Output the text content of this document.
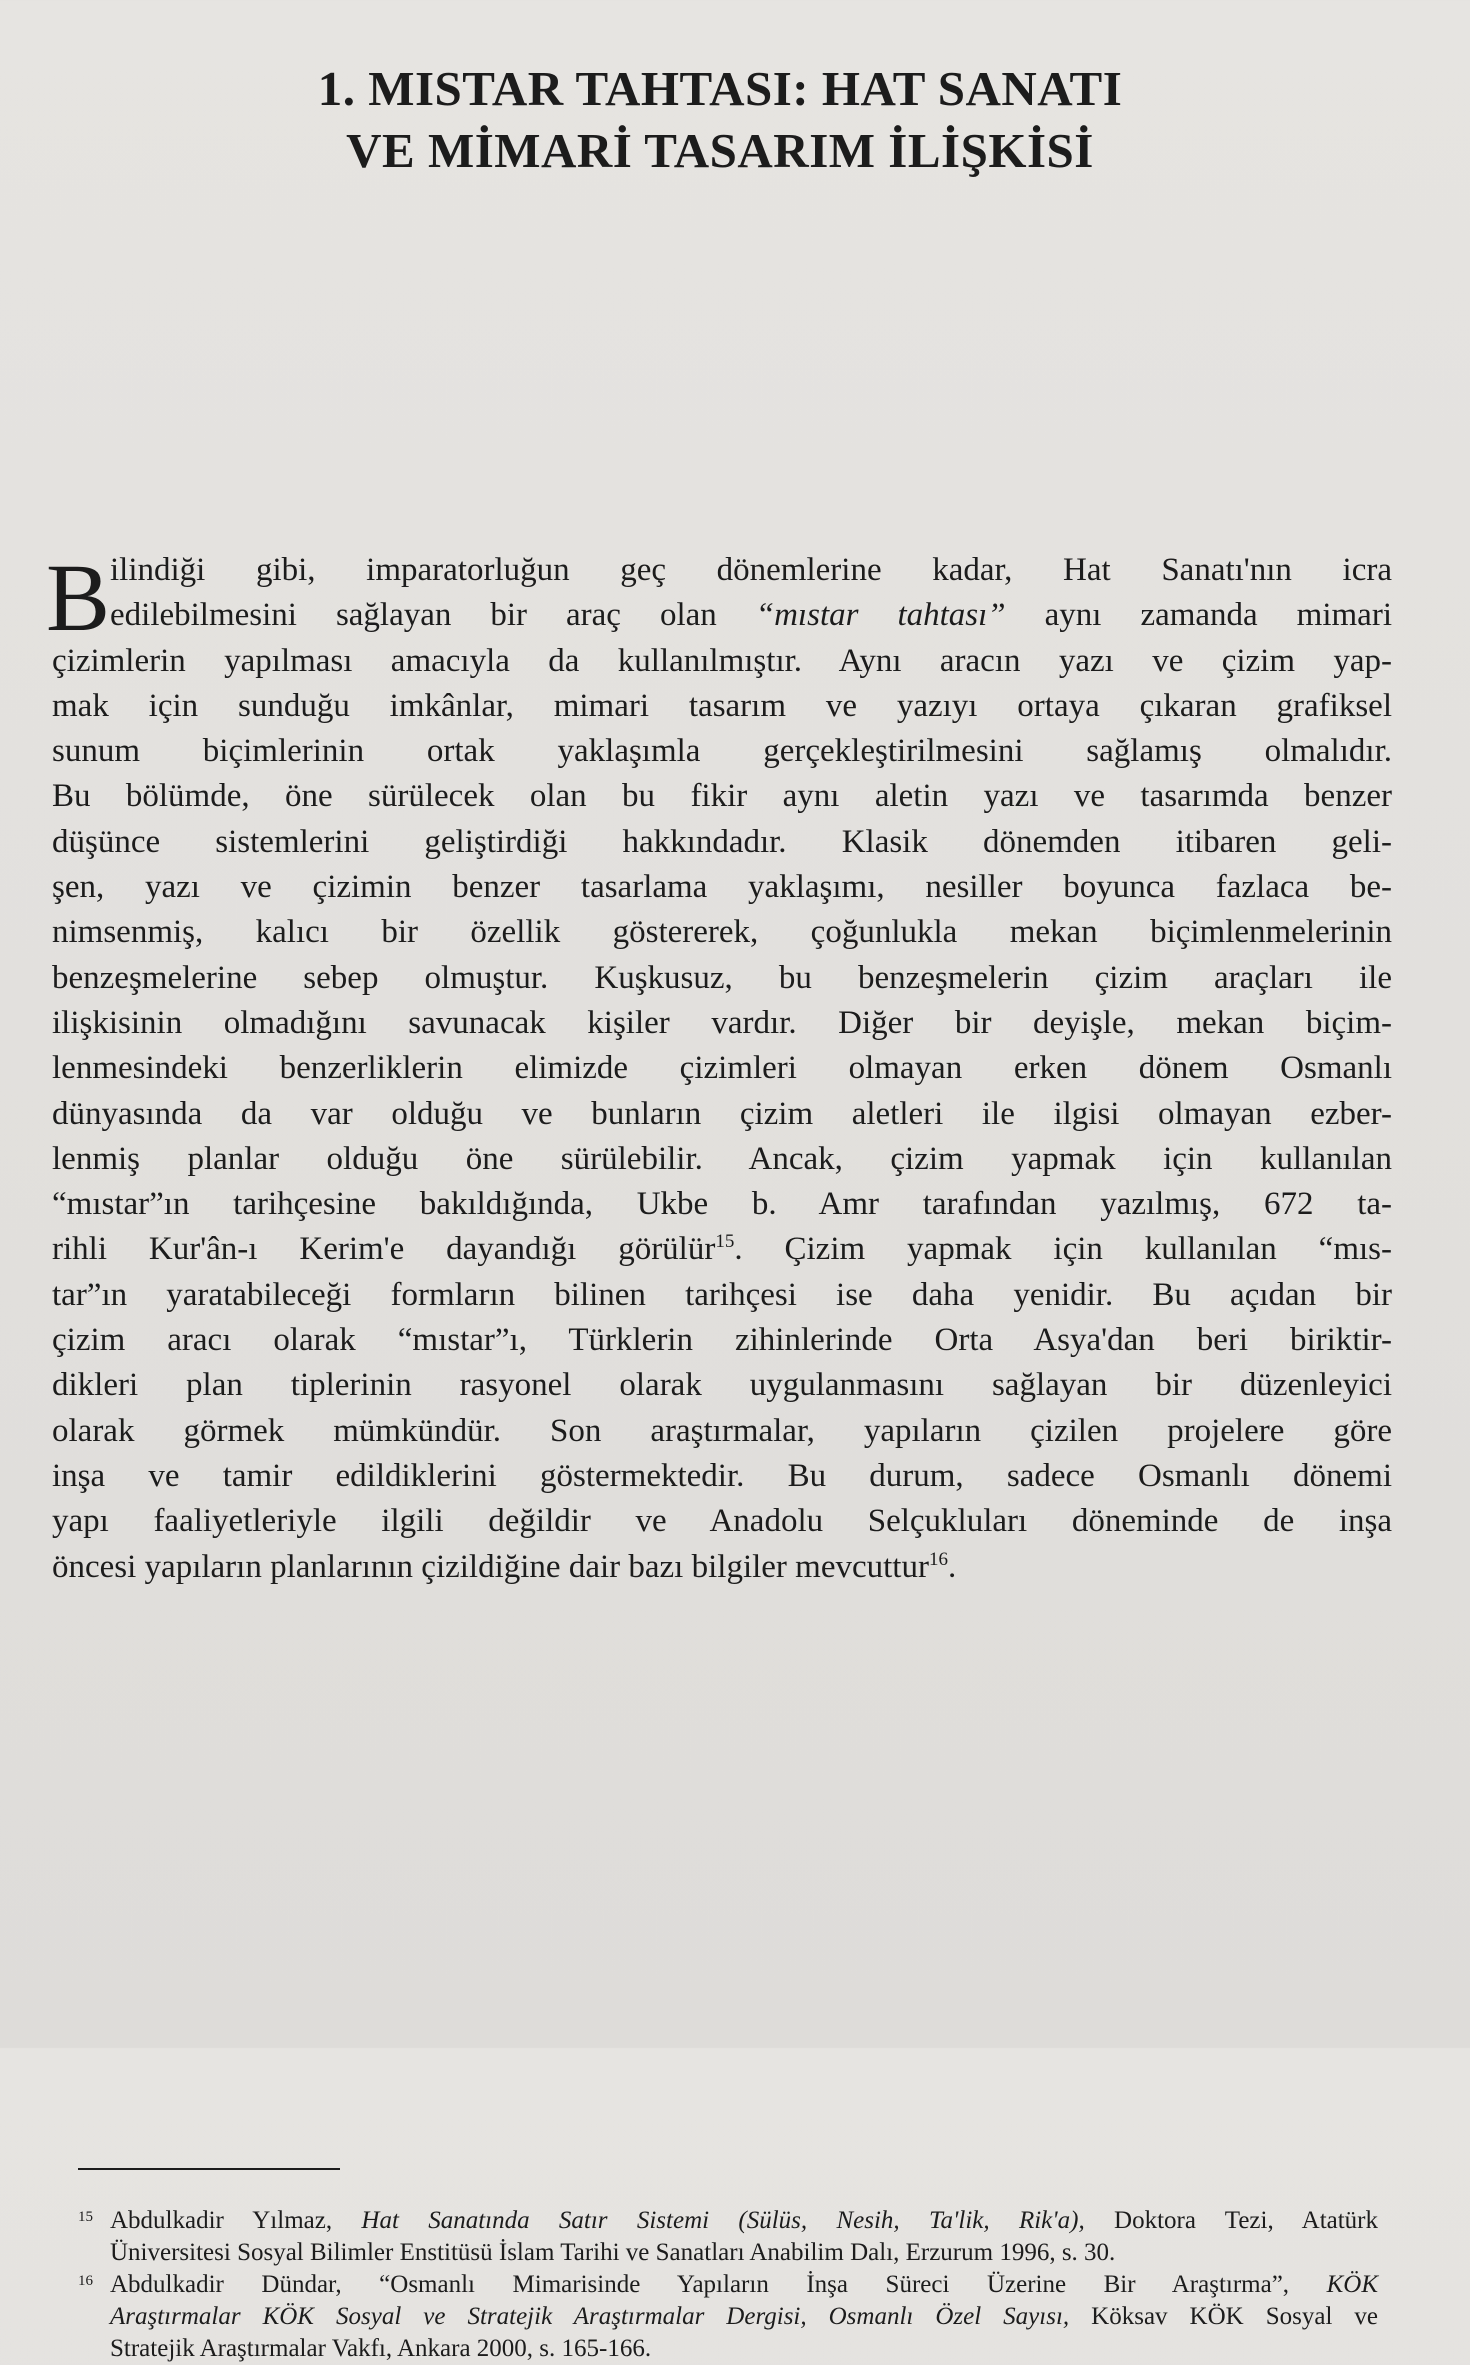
1. MISTAR TAHTASI: HAT SANATI
VE MİMARİ TASARIM İLİŞKİSİ
B ilindiği gibi, imparatorluğun geç dönemlerine kadar, Hat Sanatı'nın icra
edilebilmesini sağlayan bir araç olan “mıstar tahtası” aynı zamanda mimari
çizimlerin yapılması amacıyla da kullanılmıştır. Aynı aracın yazı ve çizim yap-
mak için sunduğu imkânlar, mimari tasarım ve yazıyı ortaya çıkaran grafiksel
sunum biçimlerinin ortak yaklaşımla gerçekleştirilmesini sağlamış olmalıdır.
Bu bölümde, öne sürülecek olan bu fikir aynı aletin yazı ve tasarımda benzer
düşünce sistemlerini geliştirdiği hakkındadır. Klasik dönemden itibaren geli-
şen, yazı ve çizimin benzer tasarlama yaklaşımı, nesiller boyunca fazlaca be-
nimsenmiş, kalıcı bir özellik göstererek, çoğunlukla mekan biçimlenmelerinin
benzeşmelerine sebep olmuştur. Kuşkusuz, bu benzeşmelerin çizim araçları ile
ilişkisinin olmadığını savunacak kişiler vardır. Diğer bir deyişle, mekan biçim-
lenmesindeki benzerliklerin elimizde çizimleri olmayan erken dönem Osmanlı
dünyasında da var olduğu ve bunların çizim aletleri ile ilgisi olmayan ezber-
lenmiş planlar olduğu öne sürülebilir. Ancak, çizim yapmak için kullanılan
“mıstar”ın tarihçesine bakıldığında, Ukbe b. Amr tarafından yazılmış, 672 ta-
rihli Kur'ân-ı Kerim'e dayandığı görülür$^{15}$. Çizim yapmak için kullanılan “mıs-
tar”ın yaratabileceği formların bilinen tarihçesi ise daha yenidir. Bu açıdan bir
çizim aracı olarak “mıstar”ı, Türklerin zihinlerinde Orta Asya'dan beri biriktir-
dikleri plan tiplerinin rasyonel olarak uygulanmasını sağlayan bir düzenleyici
olarak görmek mümkündür. Son araştırmalar, yapıların çizilen projelere göre
inşa ve tamir edildiklerini göstermektedir. Bu durum, sadece Osmanlı dönemi
yapı faaliyetleriyle ilgili değildir ve Anadolu Selçukluları döneminde de inşa
öncesi yapıların planlarının çizildiğine dair bazı bilgiler mevcuttur$^{16}$.
15 Abdulkadir Yılmaz, Hat Sanatında Satır Sistemi (Sülüs, Nesih, Ta'lik, Rik'a), Doktora Tezi, Atatürk
Üniversitesi Sosyal Bilimler Enstitüsü İslam Tarihi ve Sanatları Anabilim Dalı, Erzurum 1996, s. 30.
16 Abdulkadir Dündar, “Osmanlı Mimarisinde Yapıların İnşa Süreci Üzerine Bir Araştırma”, KÖK
Araştırmalar KÖK Sosyal ve Stratejik Araştırmalar Dergisi, Osmanlı Özel Sayısı, Köksav KÖK Sosyal ve
Stratejik Araştırmalar Vakfı, Ankara 2000, s. 165-166.
